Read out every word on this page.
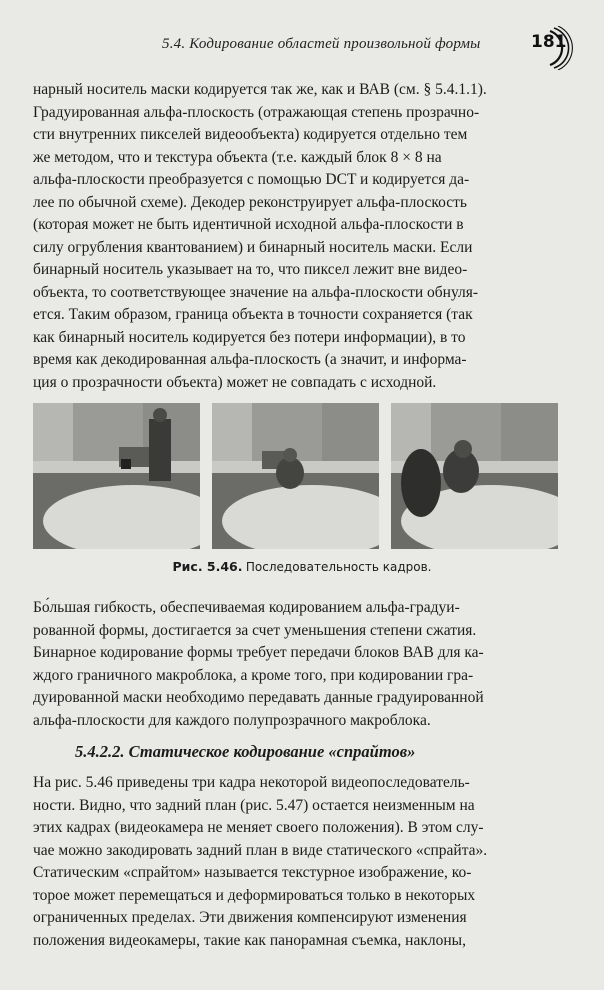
5.4. Кодирование областей произвольной формы	181
нарный носитель маски кодируется так же, как и ВАВ (см. § 5.4.1.1).
Градуированная альфа-плоскость (отражающая степень прозрачно-
сти внутренних пикселей видеообъекта) кодируется отдельно тем
же методом, что и текстура объекта (т.е. каждый блок 8 × 8 на
альфа-плоскости преобразуется с помощью DCT и кодируется да-
лее по обычной схеме). Декодер реконструирует альфа-плоскость
(которая может не быть идентичной исходной альфа-плоскости в
силу огрубления квантованием) и бинарный носитель маски. Если
бинарный носитель указывает на то, что пиксел лежит вне видео-
объекта, то соответствующее значение на альфа-плоскости обнуля-
ется. Таким образом, граница объекта в точности сохраняется (так
как бинарный носитель кодируется без потери информации), в то
время как декодированная альфа-плоскость (а значит, и информа-
ция о прозрачности объекта) может не совпадать с исходной.
Рис. 5.46. Последовательность кадров.
Бо́льшая гибкость, обеспечиваемая кодированием альфа-градуи-
рованной формы, достигается за счет уменьшения степени сжатия.
Бинарное кодирование формы требует передачи блоков ВАВ для ка-
ждого граничного макроблока, а кроме того, при кодировании гра-
дуированной маски необходимо передавать данные градуированной
альфа-плоскости для каждого полупрозрачного макроблока.
5.4.2.2. Статическое кодирование «спрайтов»
На рис. 5.46 приведены три кадра некоторой видеопоследователь-
ности. Видно, что задний план (рис. 5.47) остается неизменным на
этих кадрах (видеокамера не меняет своего положения). В этом слу-
чае можно закодировать задний план в виде статического «спрайта».
Статическим «спрайтом» называется текстурное изображение, ко-
торое может перемещаться и деформироваться только в некоторых
ограниченных пределах. Эти движения компенсируют изменения
положения видеокамеры, такие как панорамная съемка, наклоны,
